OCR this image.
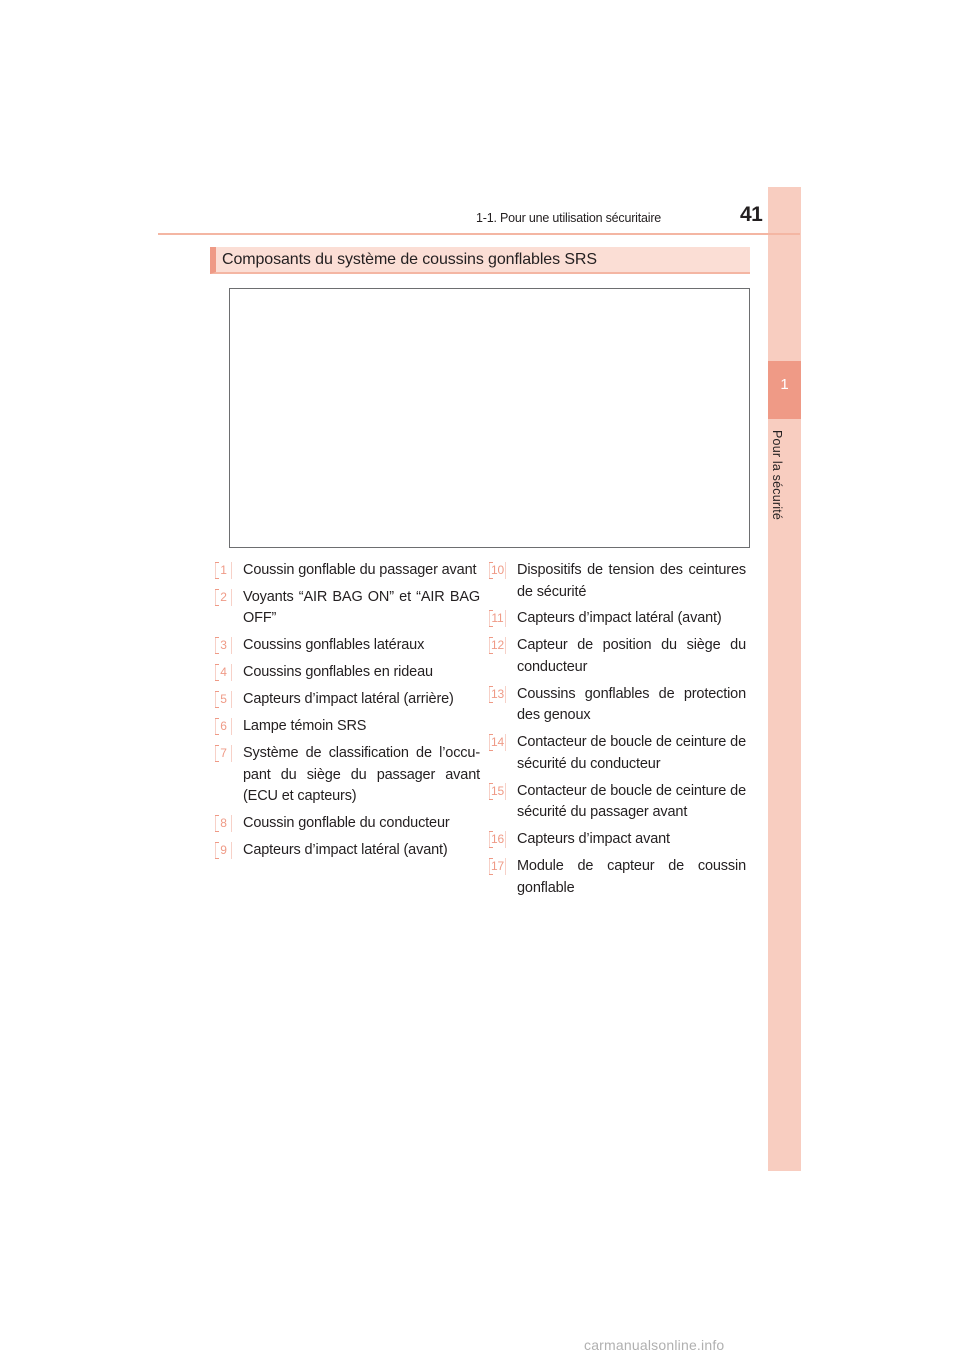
1
Pour la sécurité
1-1. Pour une utilisation sécuritaire	41
Composants du système de coussins gonflables SRS
1	Coussin gonflable du passager avant
2	Voyants “AIR BAG ON” et “AIR BAG OFF”
3	Coussins gonflables latéraux
4	Coussins gonflables en rideau
5	Capteurs d’impact latéral (arrière)
6	Lampe témoin SRS
7	Système de classification de l’occu-pant du siège du passager avant (ECU et capteurs)
8	Coussin gonflable du conducteur
9	Capteurs d’impact latéral (avant)
10 Dispositifs de tension des ceintures de sécurité
11 Capteurs d’impact latéral (avant)
12 Capteur de position du siège du conducteur
13 Coussins gonflables de protection des genoux
14 Contacteur de boucle de ceinture de sécurité du conducteur
15 Contacteur de boucle de ceinture de sécurité du passager avant
16 Capteurs d’impact avant
17 Module de capteur de coussin gonflable
carmanualsonline.info
